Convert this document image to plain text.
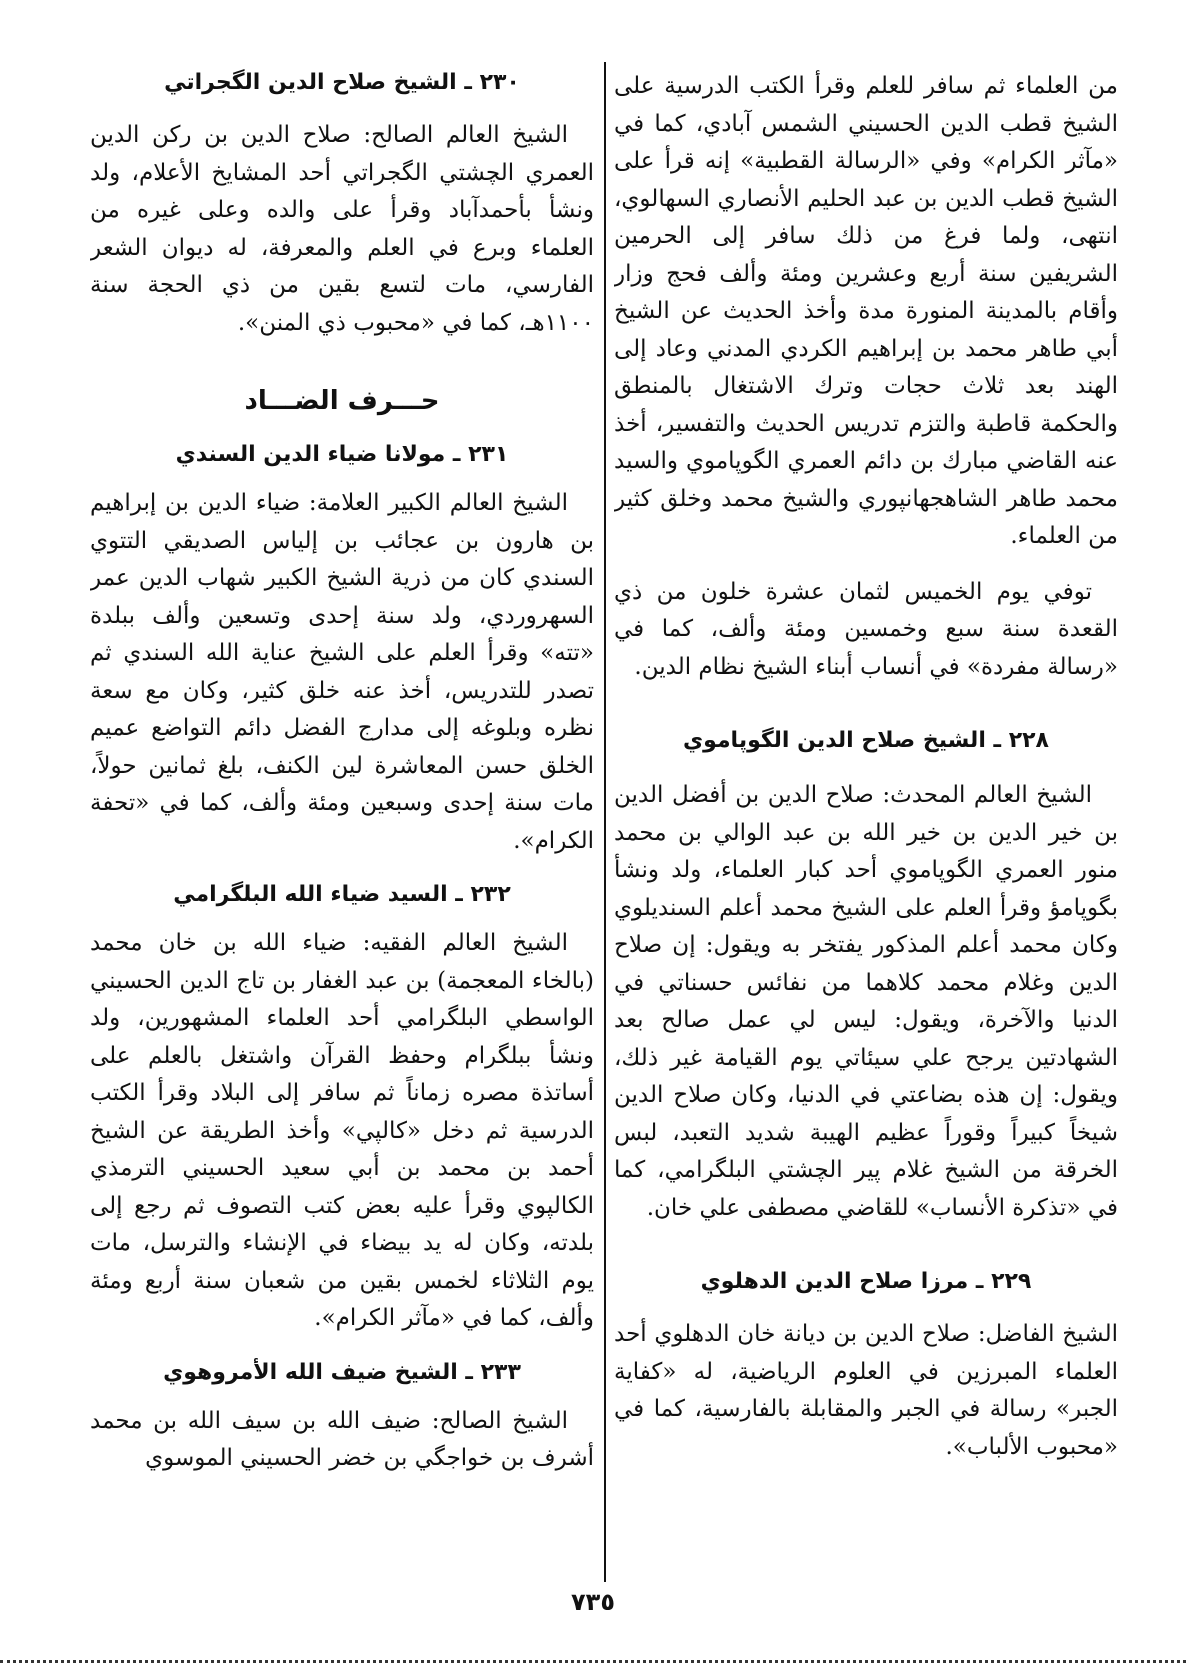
من العلماء ثم سافر للعلم وقرأ الكتب الدرسية على الشيخ قطب الدين الحسيني الشمس آبادي، كما في «مآثر الكرام» وفي «الرسالة القطبية» إنه قرأ على الشيخ قطب الدين بن عبد الحليم الأنصاري السهالوي، انتهى، ولما فرغ من ذلك سافر إلى الحرمين الشريفين سنة أربع وعشرين ومئة وألف فحج وزار وأقام بالمدينة المنورة مدة وأخذ الحديث عن الشيخ أبي طاهر محمد بن إبراهيم الكردي المدني وعاد إلى الهند بعد ثلاث حجات وترك الاشتغال بالمنطق والحكمة قاطبة والتزم تدريس الحديث والتفسير، أخذ عنه القاضي مبارك بن دائم العمري الگوپاموي والسيد محمد طاهر الشاهجهانپوري والشيخ محمد وخلق كثير من العلماء.

توفي يوم الخميس لثمان عشرة خلون من ذي القعدة سنة سبع وخمسين ومئة وألف، كما في «رسالة مفردة» في أنساب أبناء الشيخ نظام الدين.

٢٢٨ ـ الشيخ صلاح الدين الگوپاموي

الشيخ العالم المحدث: صلاح الدين بن أفضل الدين بن خير الدين بن خير الله بن عبد الوالي بن محمد منور العمري الگوپاموي أحد كبار العلماء، ولد ونشأ بگوپامؤ وقرأ العلم على الشيخ محمد أعلم السنديلوي وكان محمد أعلم المذكور يفتخر به ويقول: إن صلاح الدين وغلام محمد كلاهما من نفائس حسناتي في الدنيا والآخرة، ويقول: ليس لي عمل صالح بعد الشهادتين يرجح علي سيئاتي يوم القيامة غير ذلك، ويقول: إن هذه بضاعتي في الدنيا، وكان صلاح الدين شيخاً كبيراً وقوراً عظيم الهيبة شديد التعبد، لبس الخرقة من الشيخ غلام پير الچشتي البلگرامي، كما في «تذكرة الأنساب» للقاضي مصطفى علي خان.

٢٢٩ ـ مرزا صلاح الدين الدهلوي

الشيخ الفاضل: صلاح الدين بن ديانة خان الدهلوي أحد العلماء المبرزين في العلوم الرياضية، له «كفاية الجبر» رسالة في الجبر والمقابلة بالفارسية، كما في «محبوب الألباب».

٢٣٠ ـ الشيخ صلاح الدين الگجراتي

الشيخ العالم الصالح: صلاح الدين بن ركن الدين العمري الچشتي الگجراتي أحد المشايخ الأعلام، ولد ونشأ بأحمدآباد وقرأ على والده وعلى غيره من العلماء وبرع في العلم والمعرفة، له ديوان الشعر الفارسي، مات لتسع بقين من ذي الحجة سنة ١١٠٠هـ، كما في «محبوب ذي المنن».

حـــرف الضـــاد
٢٣١ ـ مولانا ضياء الدين السندي

الشيخ العالم الكبير العلامة: ضياء الدين بن إبراهيم بن هارون بن عجائب بن إلياس الصديقي التتوي السندي كان من ذرية الشيخ الكبير شهاب الدين عمر السهروردي، ولد سنة إحدى وتسعين وألف ببلدة «تته» وقرأ العلم على الشيخ عناية الله السندي ثم تصدر للتدريس، أخذ عنه خلق كثير، وكان مع سعة نظره وبلوغه إلى مدارج الفضل دائم التواضع عميم الخلق حسن المعاشرة لين الكنف، بلغ ثمانين حولاً، مات سنة إحدى وسبعين ومئة وألف، كما في «تحفة الكرام».

٢٣٢ ـ السيد ضياء الله البلگرامي

الشيخ العالم الفقيه: ضياء الله بن خان محمد (بالخاء المعجمة) بن عبد الغفار بن تاج الدين الحسيني الواسطي البلگرامي أحد العلماء المشهورين، ولد ونشأ ببلگرام وحفظ القرآن واشتغل بالعلم على أساتذة مصره زماناً ثم سافر إلى البلاد وقرأ الكتب الدرسية ثم دخل «كالپي» وأخذ الطريقة عن الشيخ أحمد بن محمد بن أبي سعيد الحسيني الترمذي الكالپوي وقرأ عليه بعض كتب التصوف ثم رجع إلى بلدته، وكان له يد بيضاء في الإنشاء والترسل، مات يوم الثلاثاء لخمس بقين من شعبان سنة أربع ومئة وألف، كما في «مآثر الكرام».

٢٣٣ ـ الشيخ ضيف الله الأمروهوي

الشيخ الصالح: ضيف الله بن سيف الله بن محمد أشرف بن خواجگي بن خضر الحسيني الموسوي

٧٣٥
